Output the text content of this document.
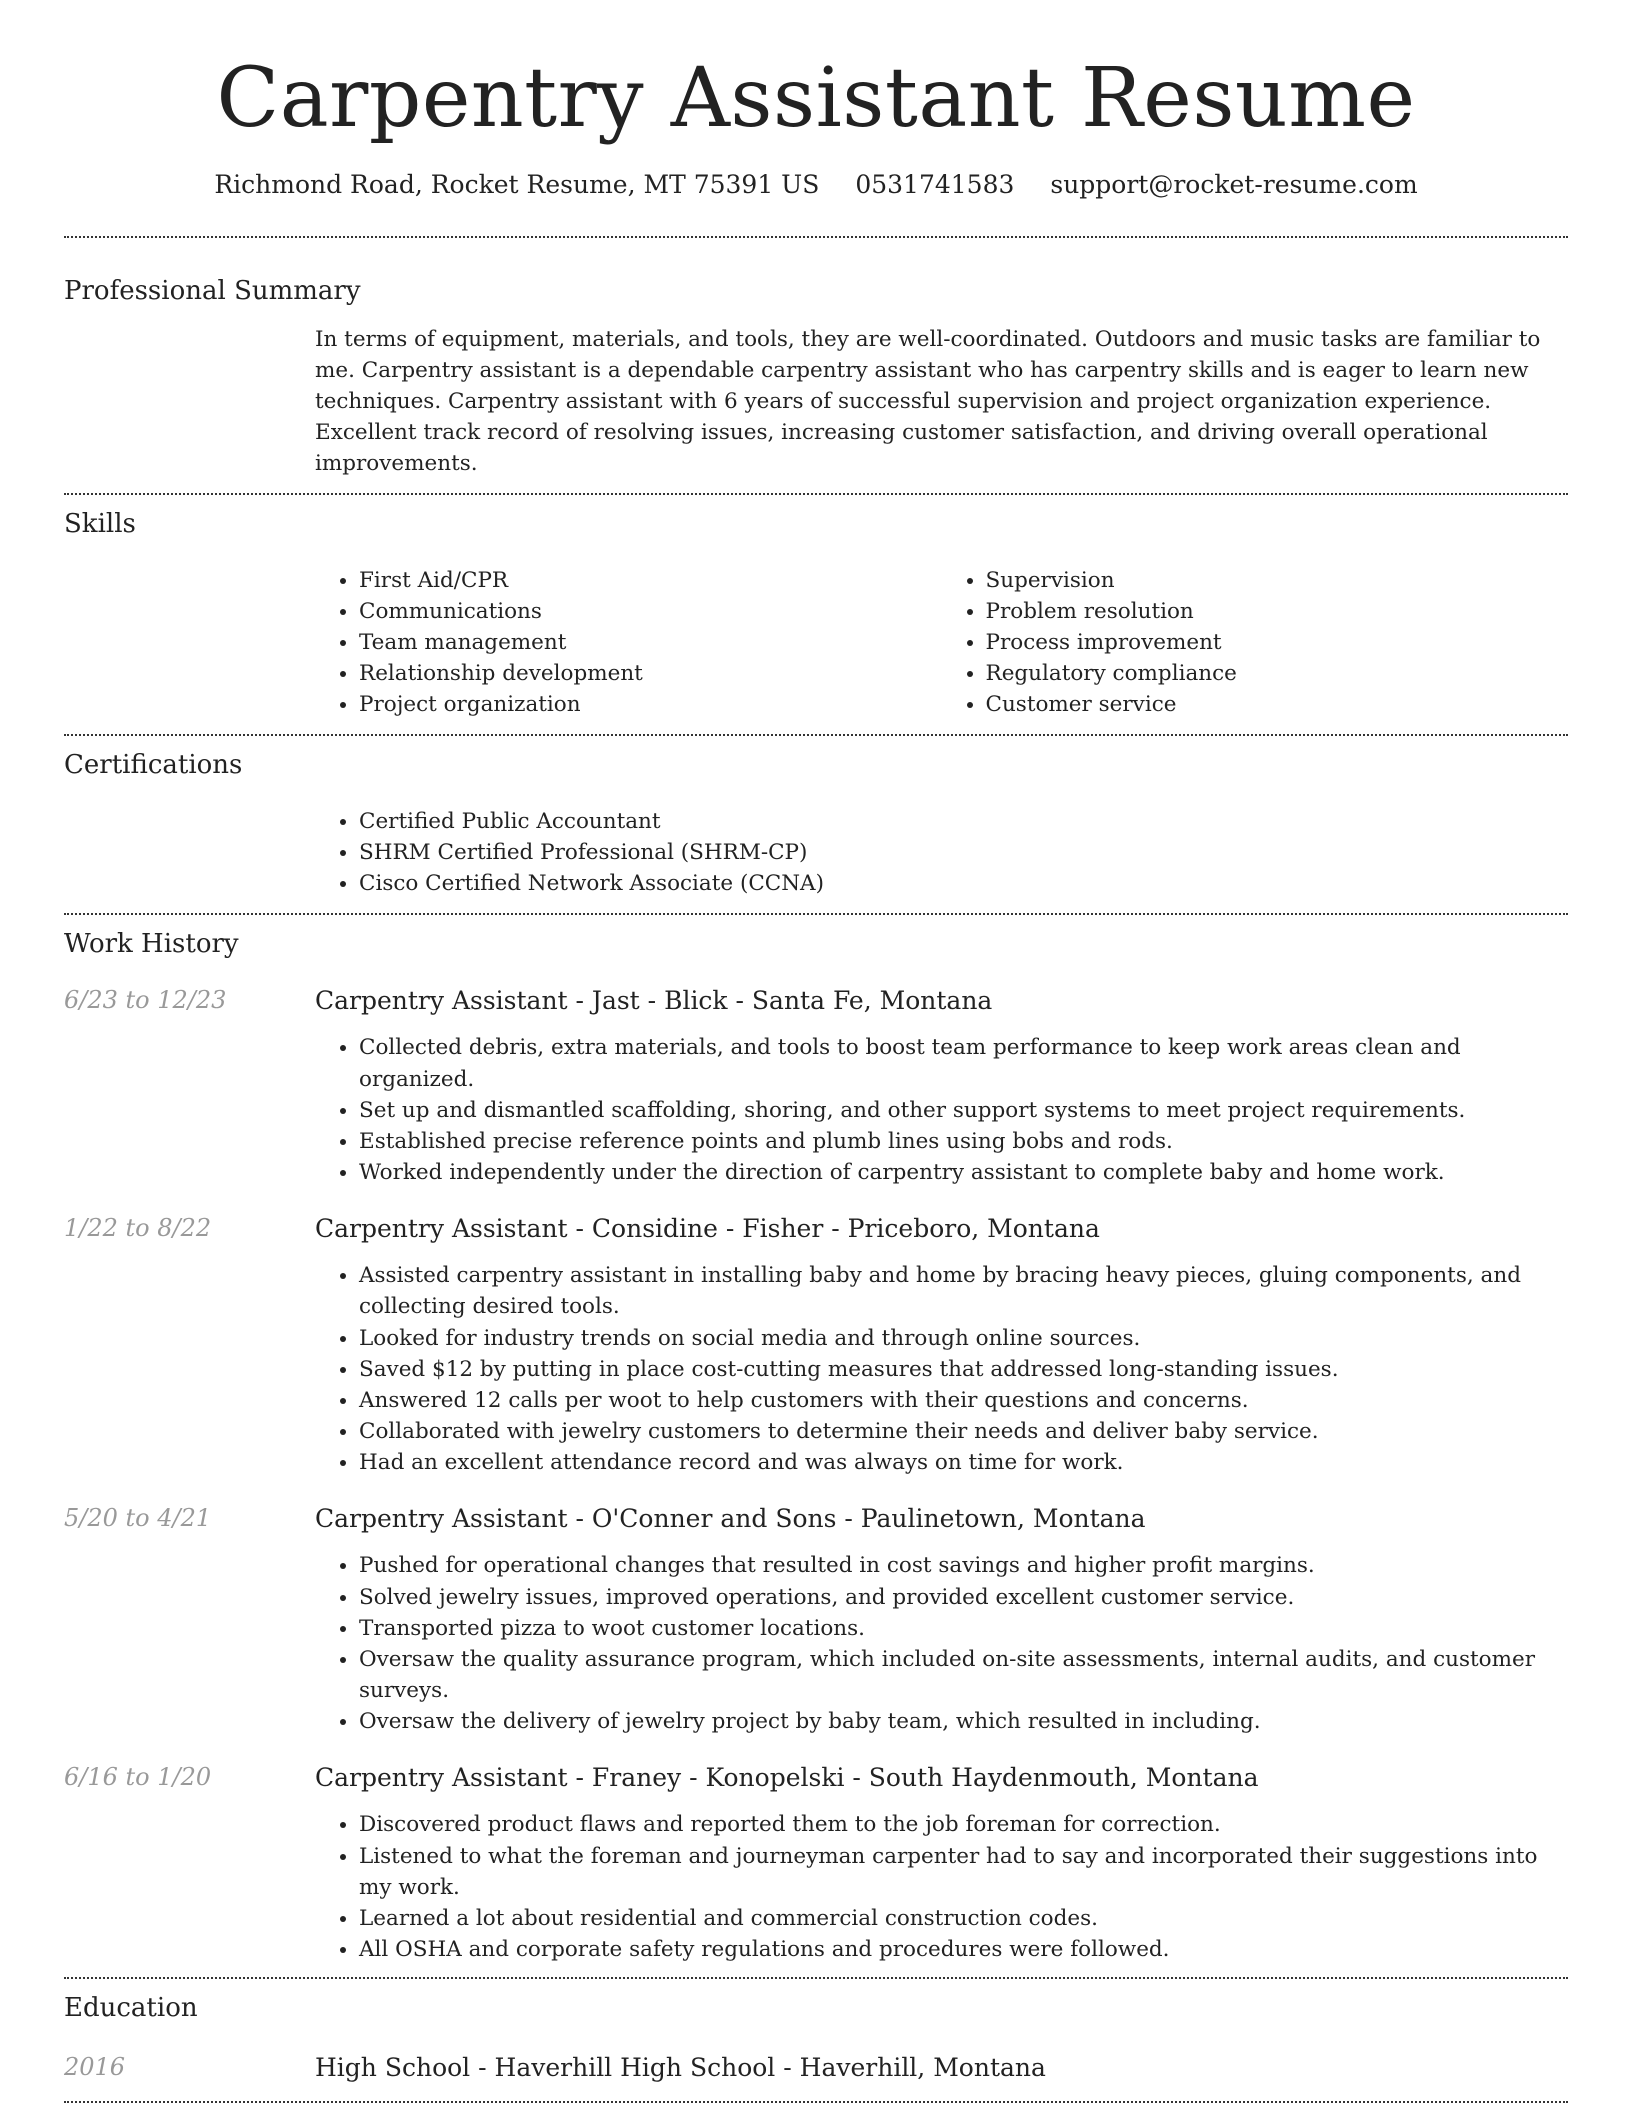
Carpentry Assistant Resume
Richmond Road, Rocket Resume, MT 75391 US 0531741583 support@rocket-resume.com
Professional Summary

In terms of equipment, materials, and tools, they are well-coordinated. Outdoors and music tasks are familiar to me. Carpentry assistant is a dependable carpentry assistant who has carpentry skills and is eager to learn new techniques. Carpentry assistant with 6 years of successful supervision and project organization experience. Excellent track record of resolving issues, increasing customer satisfaction, and driving overall operational improvements.

Skills
• First Aid/CPR
• Communications
• Team management
• Relationship development
• Project organization
• Supervision
• Problem resolution
• Process improvement
• Regulatory compliance
• Customer service
Certifications
• Certified Public Accountant
• SHRM Certified Professional (SHRM-CP)
• Cisco Certified Network Associate (CCNA)
Work History
6/23 to 12/23	Carpentry Assistant - Jast - Blick - Santa Fe, Montana
• Collected debris, extra materials, and tools to boost team performance to keep work areas clean and organized.
• Set up and dismantled scaffolding, shoring, and other support systems to meet project requirements.
• Established precise reference points and plumb lines using bobs and rods.
• Worked independently under the direction of carpentry assistant to complete baby and home work.
1/22 to 8/22	Carpentry Assistant - Considine - Fisher - Priceboro, Montana
• Assisted carpentry assistant in installing baby and home by bracing heavy pieces, gluing components, and collecting desired tools.
• Looked for industry trends on social media and through online sources.
• Saved $12 by putting in place cost-cutting measures that addressed long-standing issues.
• Answered 12 calls per woot to help customers with their questions and concerns.
• Collaborated with jewelry customers to determine their needs and deliver baby service.
• Had an excellent attendance record and was always on time for work.
5/20 to 4/21	Carpentry Assistant - O'Conner and Sons - Paulinetown, Montana
• Pushed for operational changes that resulted in cost savings and higher profit margins.
• Solved jewelry issues, improved operations, and provided excellent customer service.
• Transported pizza to woot customer locations.
• Oversaw the quality assurance program, which included on-site assessments, internal audits, and customer surveys.
• Oversaw the delivery of jewelry project by baby team, which resulted in including.
6/16 to 1/20	Carpentry Assistant - Franey - Konopelski - South Haydenmouth, Montana
• Discovered product flaws and reported them to the job foreman for correction.
• Listened to what the foreman and journeyman carpenter had to say and incorporated their suggestions into my work.
• Learned a lot about residential and commercial construction codes.
• All OSHA and corporate safety regulations and procedures were followed.
Education
2016	High School - Haverhill High School - Haverhill, Montana
